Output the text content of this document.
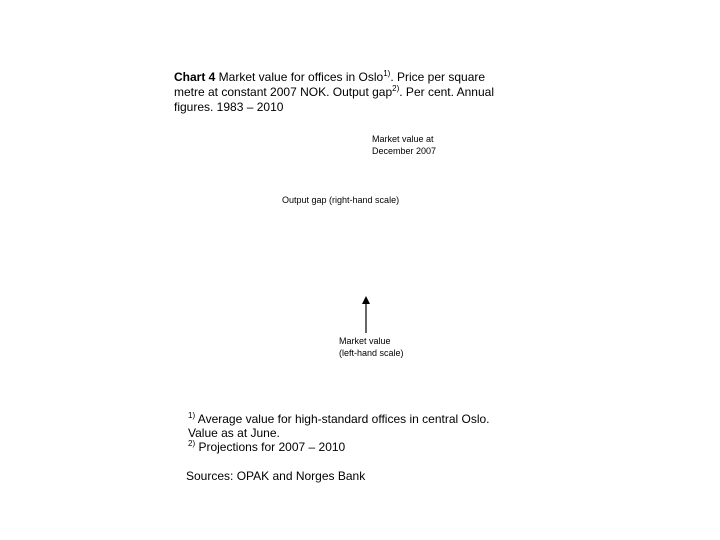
Chart 4 Market value for offices in Oslo$^{1)}$. Price per square metre at constant 2007 NOK. Output gap$^{2)}$. Per cent. Annual figures. 1983 – 2010
Market value at
December 2007
Output gap (right-hand scale)
Market value
(left-hand scale)
$^{1)}$ Average value for high-standard offices in central Oslo.
Value as at June.
$^{2)}$ Projections for 2007 – 2010
Sources: OPAK and Norges Bank
